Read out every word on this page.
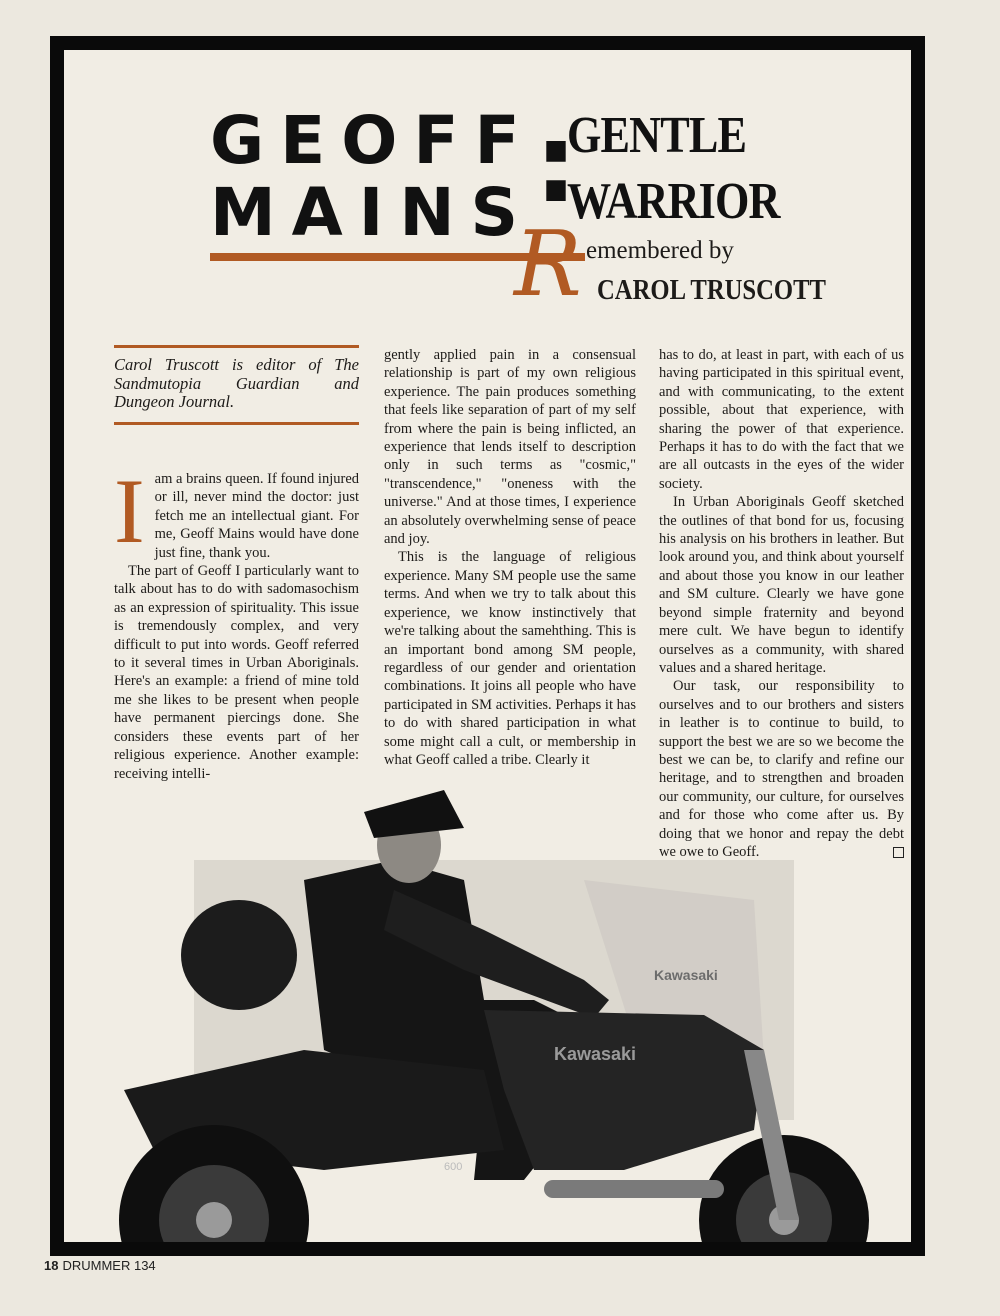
GEOFF
MAINS :
GENTLE
WARRIOR
R emembered by
CAROL TRUSCOTT
Carol Truscott is editor of The Sandmutopia Guardian and Dungeon Journal.
I am a brains queen. If found injured or ill, never mind the doctor: just fetch me an intellectual giant. For me, Geoff Mains would have done just fine, thank you.

The part of Geoff I particularly want to talk about has to do with sadomasochism as an expression of spirituality. This issue is tremendously complex, and very difficult to put into words. Geoff referred to it several times in Urban Aboriginals. Here's an example: a friend of mine told me she likes to be present when people have permanent piercings done. She considers these events part of her religious experience. Another example: receiving intelli-

gently applied pain in a consensual relationship is part of my own religious experience. The pain produces something that feels like separation of part of my self from where the pain is being inflicted, an experience that lends itself to description only in such terms as "cosmic," "transcendence," "oneness with the universe." And at those times, I experience an absolutely overwhelming sense of peace and joy.

This is the language of religious experience. Many SM people use the same terms. And when we try to talk about this experience, we know instinctively that we're talking about the samehthing. This is an important bond among SM people, regardless of our gender and orientation combinations. It joins all people who have participated in SM activities. Perhaps it has to do with shared participation in what some might call a cult, or membership in what Geoff called a tribe. Clearly it

has to do, at least in part, with each of us having participated in this spiritual event, and with communicating, to the extent possible, about that experience, with sharing the power of that experience. Perhaps it has to do with the fact that we are all outcasts in the eyes of the wider society.

In Urban Aboriginals Geoff sketched the outlines of that bond for us, focusing his analysis on his brothers in leather. But look around you, and think about yourself and about those you know in our leather and SM culture. Clearly we have gone beyond simple fraternity and beyond mere cult. We have begun to identify ourselves as a community, with shared values and a shared heritage.

Our task, our responsibility to ourselves and to our brothers and sisters in leather is to continue to build, to support the best we are so we become the best we can be, to clarify and refine our heritage, and to strengthen and broaden our community, our culture, for ourselves and for those who come after us. By doing that we honor and repay the debt we owe to Geoff.

Kawasaki
Kawasaki
600
18 DRUMMER 134
